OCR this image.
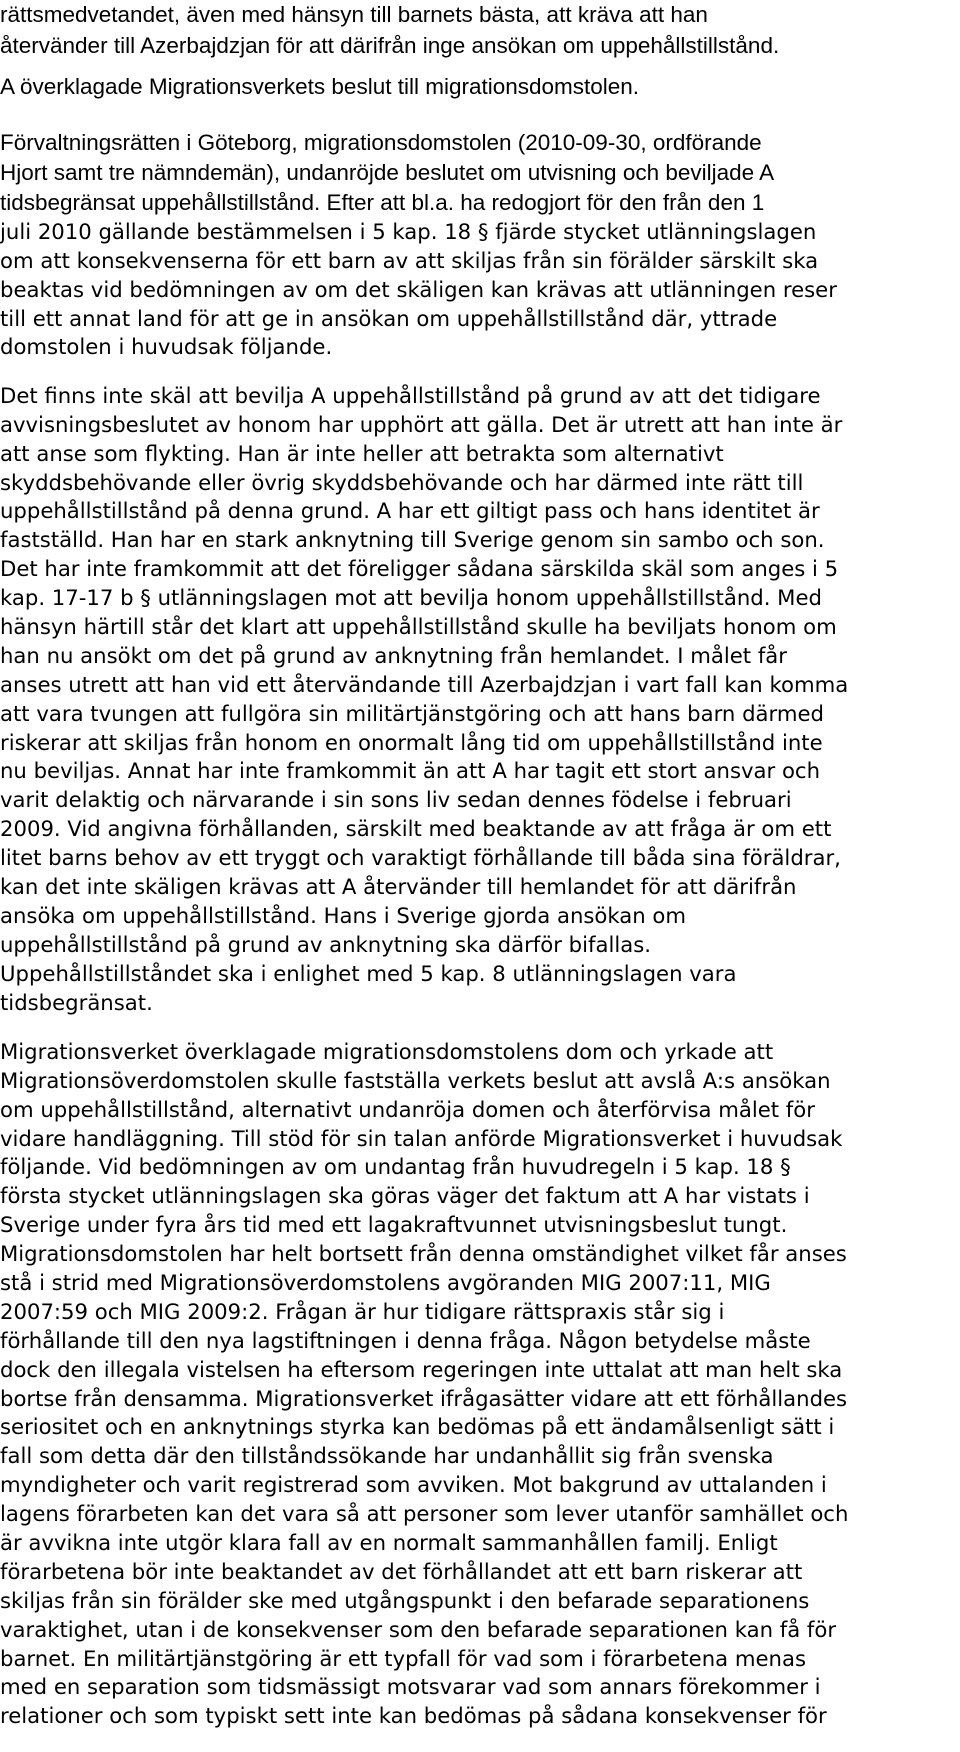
rättsmedvetandet, även med hänsyn till barnets bästa, att kräva att han
återvänder till Azerbajdzjan för att därifrån inge ansökan om uppehållstillstånd.
A överklagade Migrationsverkets beslut till migrationsdomstolen.
Förvaltningsrätten i Göteborg, migrationsdomstolen (2010-09-30, ordförande
Hjort samt tre nämndemän), undanröjde beslutet om utvisning och beviljade A
tidsbegränsat uppehållstillstånd. Efter att bl.a. ha redogjort för den från den 1
juli 2010 gällande bestämmelsen i 5 kap. 18 § fjärde stycket utlänningslagen
om att konsekvenserna för ett barn av att skiljas från sin förälder särskilt ska
beaktas vid bedömningen av om det skäligen kan krävas att utlänningen reser
till ett annat land för att ge in ansökan om uppehållstillstånd där, yttrade
domstolen i huvudsak följande.
Det finns inte skäl att bevilja A uppehållstillstånd på grund av att det tidigare
avvisningsbeslutet av honom har upphört att gälla. Det är utrett att han inte är
att anse som flykting. Han är inte heller att betrakta som alternativt
skyddsbehövande eller övrig skyddsbehövande och har därmed inte rätt till
uppehållstillstånd på denna grund. A har ett giltigt pass och hans identitet är
fastställd. Han har en stark anknytning till Sverige genom sin sambo och son.
Det har inte framkommit att det föreligger sådana särskilda skäl som anges i 5
kap. 17-17 b § utlänningslagen mot att bevilja honom uppehållstillstånd. Med
hänsyn härtill står det klart att uppehållstillstånd skulle ha beviljats honom om
han nu ansökt om det på grund av anknytning från hemlandet. I målet får
anses utrett att han vid ett återvändande till Azerbajdzjan i vart fall kan komma
att vara tvungen att fullgöra sin militärtjänstgöring och att hans barn därmed
riskerar att skiljas från honom en onormalt lång tid om uppehållstillstånd inte
nu beviljas. Annat har inte framkommit än att A har tagit ett stort ansvar och
varit delaktig och närvarande i sin sons liv sedan dennes födelse i februari
2009. Vid angivna förhållanden, särskilt med beaktande av att fråga är om ett
litet barns behov av ett tryggt och varaktigt förhållande till båda sina föräldrar,
kan det inte skäligen krävas att A återvänder till hemlandet för att därifrån
ansöka om uppehållstillstånd. Hans i Sverige gjorda ansökan om
uppehållstillstånd på grund av anknytning ska därför bifallas.
Uppehållstillståndet ska i enlighet med 5 kap. 8 utlänningslagen vara
tidsbegränsat.
Migrationsverket överklagade migrationsdomstolens dom och yrkade att
Migrationsöverdomstolen skulle fastställa verkets beslut att avslå A:s ansökan
om uppehållstillstånd, alternativt undanröja domen och återförvisa målet för
vidare handläggning. Till stöd för sin talan anförde Migrationsverket i huvudsak
följande. Vid bedömningen av om undantag från huvudregeln i 5 kap. 18 §
första stycket utlänningslagen ska göras väger det faktum att A har vistats i
Sverige under fyra års tid med ett lagakraftvunnet utvisningsbeslut tungt.
Migrationsdomstolen har helt bortsett från denna omständighet vilket får anses
stå i strid med Migrationsöverdomstolens avgöranden MIG 2007:11, MIG
2007:59 och MIG 2009:2. Frågan är hur tidigare rättspraxis står sig i
förhållande till den nya lagstiftningen i denna fråga. Någon betydelse måste
dock den illegala vistelsen ha eftersom regeringen inte uttalat att man helt ska
bortse från densamma. Migrationsverket ifrågasätter vidare att ett förhållandes
seriositet och en anknytnings styrka kan bedömas på ett ändamålsenligt sätt i
fall som detta där den tillståndssökande har undanhållit sig från svenska
myndigheter och varit registrerad som avviken. Mot bakgrund av uttalanden i
lagens förarbeten kan det vara så att personer som lever utanför samhället och
är avvikna inte utgör klara fall av en normalt sammanhållen familj. Enligt
förarbetena bör inte beaktandet av det förhållandet att ett barn riskerar att
skiljas från sin förälder ske med utgångspunkt i den befarade separationens
varaktighet, utan i de konsekvenser som den befarade separationen kan få för
barnet. En militärtjänstgöring är ett typfall för vad som i förarbetena menas
med en separation som tidsmässigt motsvarar vad som annars förekommer i
relationer och som typiskt sett inte kan bedömas på sådana konsekvenser för
